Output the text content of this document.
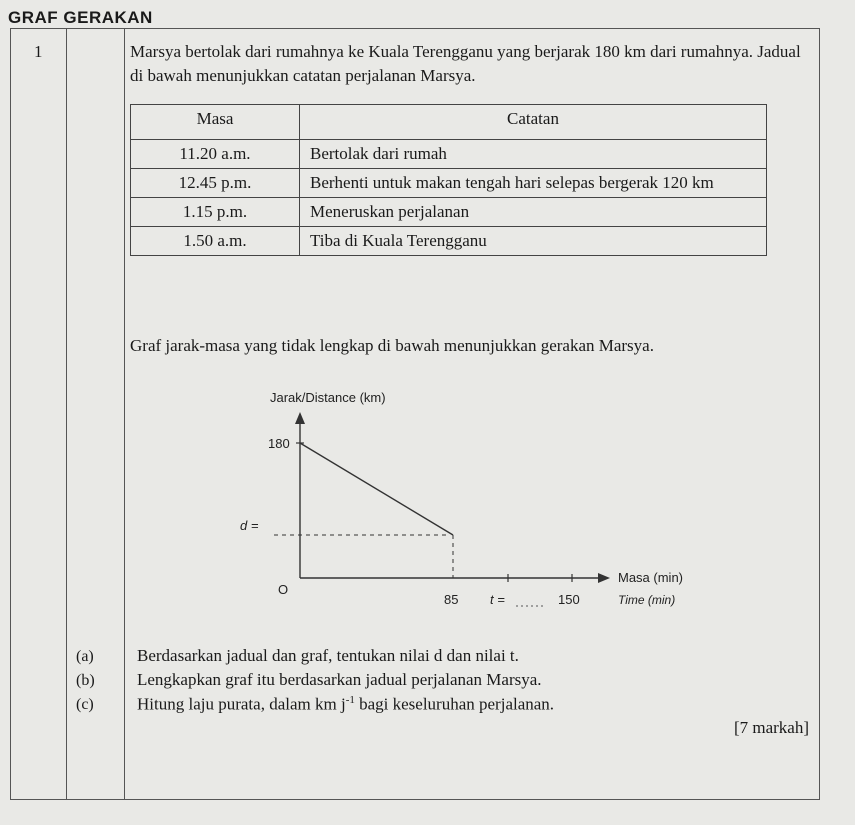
GRAF GERAKAN
1	Marsya bertolak dari rumahnya ke Kuala Terengganu yang berjarak 180 km dari rumahnya. Jadual di bawah menunjukkan catatan perjalanan Marsya.
Masa	Catatan
11.20 a.m.	Bertolak dari rumah
12.45 p.m.	Berhenti untuk makan tengah hari selepas bergerak 120 km
1.15 p.m.	Meneruskan perjalanan
1.50 a.m.	Tiba di Kuala Terengganu
Graf jarak-masa yang tidak lengkap di bawah menunjukkan gerakan Marsya.
Jarak/Distance (km)
180
d =
O
85 t =	150
Masa (min)
Time (min)
(a)	Berdasarkan jadual dan graf, tentukan nilai d dan nilai t.
(b) Lengkapkan graf itu berdasarkan jadual perjalanan Marsya.
(c)	Hitung laju purata, dalam km $j^{-1}$ bagi keseluruhan perjalanan.
[7 markah]
